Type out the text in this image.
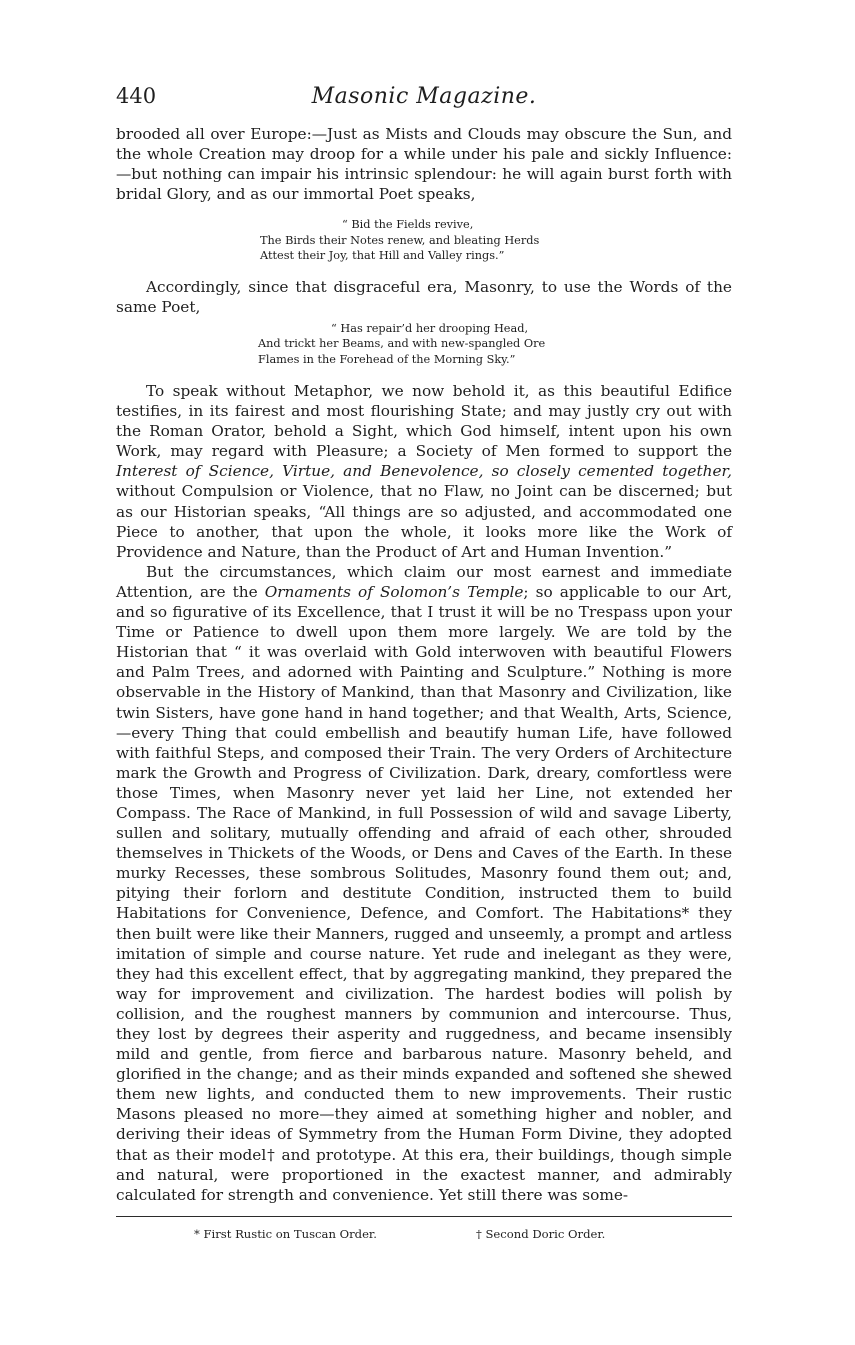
440	Masonic Magazine.

brooded all over Europe:—Just as Mists and Clouds may obscure the Sun, and the whole Creation may droop for a while under his pale and sickly Influence:—but nothing can impair his intrinsic splendour: he will again burst forth with bridal Glory, and as our immortal Poet speaks,

“ Bid the Fields revive,
The Birds their Notes renew, and bleating Herds
Attest their Joy, that Hill and Valley rings.”

Accordingly, since that disgraceful era, Masonry, to use the Words of the same Poet,

“ Has repair’d her drooping Head,
And trickt her Beams, and with new-spangled Ore
Flames in the Forehead of the Morning Sky.”

To speak without Metaphor, we now behold it, as this beautiful Edifice testifies, in its fairest and most flourishing State; and may justly cry out with the Roman Orator, behold a Sight, which God himself, intent upon his own Work, may regard with Pleasure; a Society of Men formed to support the Interest of Science, Virtue, and Benevolence, so closely cemented together, without Compulsion or Violence, that no Flaw, no Joint can be discerned; but as our Historian speaks, “All things are so adjusted, and accommodated one Piece to another, that upon the whole, it looks more like the Work of Providence and Nature, than the Product of Art and Human Invention.”

But the circumstances, which claim our most earnest and immediate Attention, are the Ornaments of Solomon’s Temple; so applicable to our Art, and so figurative of its Excellence, that I trust it will be no Trespass upon your Time or Patience to dwell upon them more largely. We are told by the Historian that “ it was overlaid with Gold interwoven with beautiful Flowers and Palm Trees, and adorned with Painting and Sculpture.” Nothing is more observable in the History of Mankind, than that Masonry and Civilization, like twin Sisters, have gone hand in hand together; and that Wealth, Arts, Science,—every Thing that could embellish and beautify human Life, have followed with faithful Steps, and composed their Train. The very Orders of Architecture mark the Growth and Progress of Civilization. Dark, dreary, comfortless were those Times, when Masonry never yet laid her Line, not extended her Compass. The Race of Mankind, in full Possession of wild and savage Liberty, sullen and solitary, mutually offending and afraid of each other, shrouded themselves in Thickets of the Woods, or Dens and Caves of the Earth. In these murky Recesses, these sombrous Solitudes, Masonry found them out; and, pitying their forlorn and destitute Condition, instructed them to build Habitations for Convenience, Defence, and Comfort. The Habitations* they then built were like their Manners, rugged and unseemly, a prompt and artless imitation of simple and course nature. Yet rude and inelegant as they were, they had this excellent effect, that by aggregating mankind, they prepared the way for improvement and civilization. The hardest bodies will polish by collision, and the roughest manners by communion and intercourse. Thus, they lost by degrees their asperity and ruggedness, and became insensibly mild and gentle, from fierce and barbarous nature. Masonry beheld, and glorified in the change; and as their minds expanded and softened she shewed them new lights, and conducted them to new improvements. Their rustic Masons pleased no more—they aimed at something higher and nobler, and deriving their ideas of Symmetry from the Human Form Divine, they adopted that as their model† and prototype. At this era, their buildings, though simple and natural, were proportioned in the exactest manner, and admirably calculated for strength and convenience. Yet still there was some-

* First Rustic on Tuscan Order.	† Second Doric Order.
